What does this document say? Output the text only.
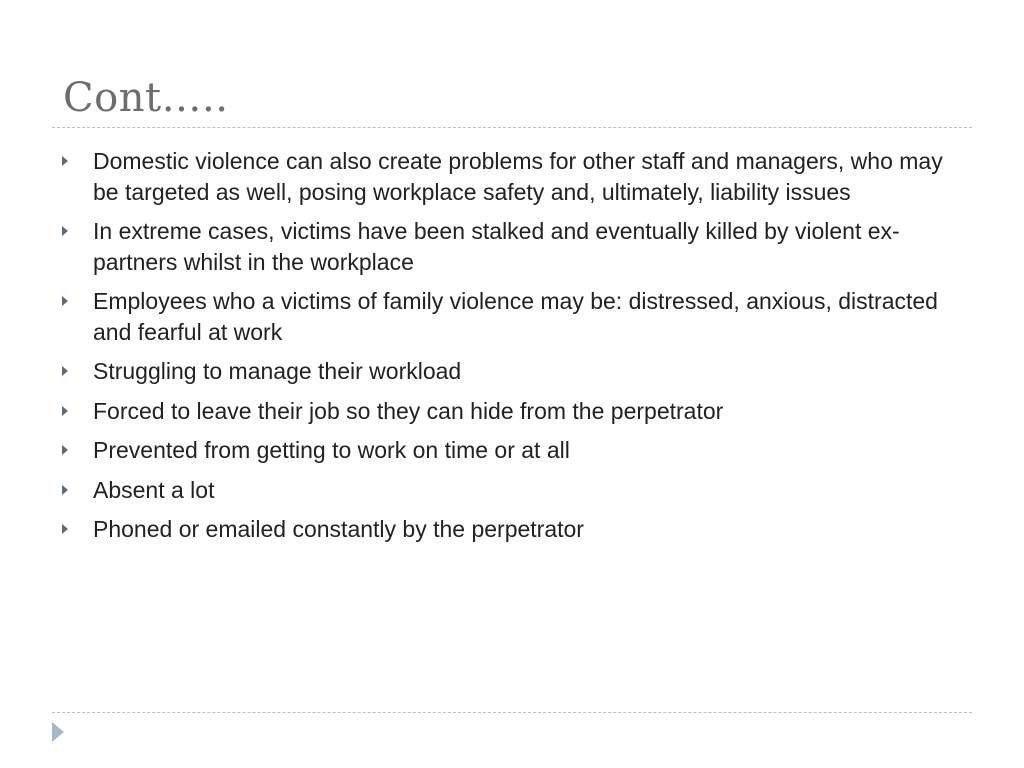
Cont…..
Domestic violence can also create problems for other staff and managers, who may be targeted as well, posing workplace safety and, ultimately, liability issues
In extreme cases, victims have been stalked and eventually killed by violent ex-partners whilst in the workplace
Employees who a victims of family violence may be: distressed, anxious, distracted and fearful at work
Struggling to manage their workload
Forced to leave their job so they can hide from the perpetrator
Prevented from getting to work on time or at all
Absent a lot
Phoned or emailed constantly by the perpetrator
